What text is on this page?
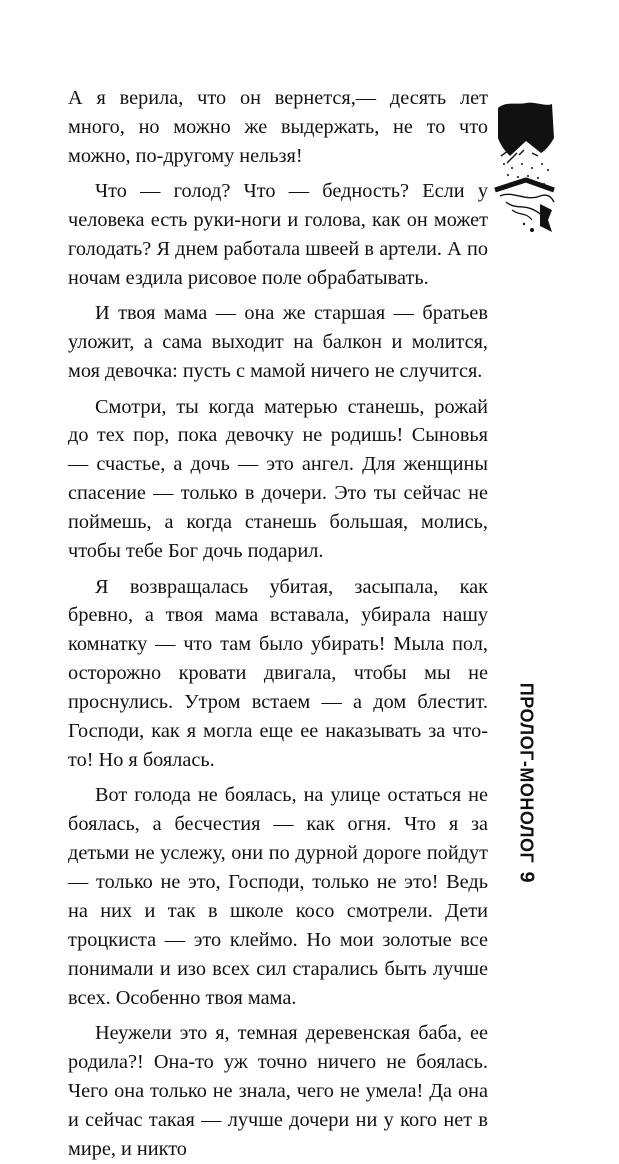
А я верила, что он вернется,— десять лет много, но можно же выдержать, не то что можно, по-другому нельзя!

Что — голод? Что — бедность? Если у человека есть руки-ноги и голова, как он может голодать? Я днем работала швеей в артели. А по ночам ездила рисовое поле обрабатывать.

И твоя мама — она же старшая — братьев уложит, а сама выходит на балкон и молится, моя девочка: пусть с мамой ничего не случится.

Смотри, ты когда матерью станешь, рожай до тех пор, пока девочку не родишь! Сыновья — счастье, а дочь — это ангел. Для женщины спасение — только в дочери. Это ты сейчас не поймешь, а когда станешь большая, молись, чтобы тебе Бог дочь подарил.

Я возвращалась убитая, засыпала, как бревно, а твоя мама вставала, убирала нашу комнатку — что там было убирать! Мыла пол, осторожно кровати двигала, чтобы мы не проснулись. Утром встаем — а дом блестит. Господи, как я могла еще ее наказывать за что-то! Но я боялась.

Вот голода не боялась, на улице остаться не боялась, а бесчестия — как огня. Что я за детьми не услежу, они по дурной дороге пойдут — только не это, Господи, только не это! Ведь на них и так в школе косо смотрели. Дети троцкиста — это клеймо. Но мои золотые все понимали и изо всех сил старались быть лучше всех. Особенно твоя мама.

Неужели это я, темная деревенская баба, ее родила?! Она-то уж точно ничего не боялась. Чего она только не знала, чего не умела! Да она и сейчас такая — лучше дочери ни у кого нет в мире, и никто

ПРОЛОГ-МОНОЛОГ
9
